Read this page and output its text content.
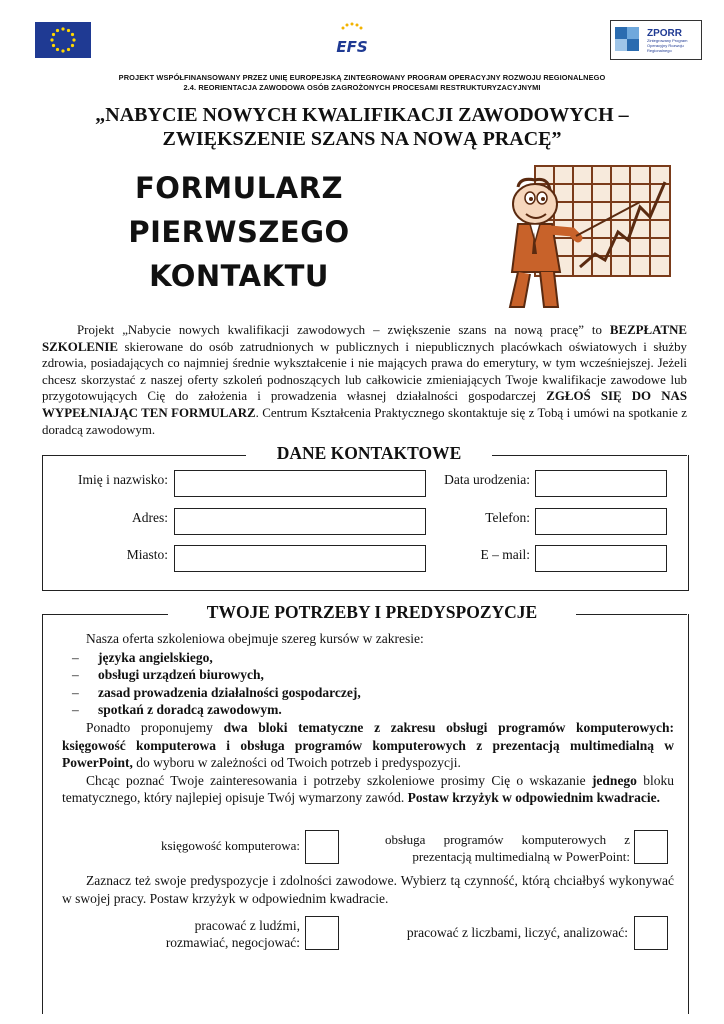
EFS
ZPORR
Zintegrowany Program Operacyjny Rozwoju Regionalnego
PROJEKT WSPÓŁFINANSOWANY PRZEZ UNIĘ EUROPEJSKĄ ZINTEGROWANY PROGRAM OPERACYJNY ROZWOJU REGIONALNEGO
2.4. REORIENTACJA ZAWODOWA OSÓB ZAGROŻONYCH PROCESAMI RESTRUKTURYZACYJNYMI
„NABYCIE NOWYCH KWALIFIKACJI ZAWODOWYCH –
ZWIĘKSZENIE SZANS NA NOWĄ PRACĘ”
FORMULARZ
PIERWSZEGO
KONTAKTU
Projekt „Nabycie nowych kwalifikacji zawodowych – zwiększenie szans na nową pracę” to BEZPŁATNE SZKOLENIE skierowane do osób zatrudnionych w publicznych i niepublicznych placówkach oświatowych i służby zdrowia, posiadających co najmniej średnie wykształcenie i nie mających prawa do emerytury, w tym wcześniejszej. Jeżeli chcesz skorzystać z naszej oferty szkoleń podnoszących lub całkowicie zmieniających Twoje kwalifikacje zawodowe lub przygotowujących Cię do założenia i prowadzenia własnej działalności gospodarczej ZGŁOŚ SIĘ DO NAS WYPEŁNIAJĄC TEN FORMULARZ. Centrum Kształcenia Praktycznego skontaktuje się z Tobą i umówi na spotkanie z doradcą zawodowym.
DANE KONTAKTOWE
Imię i nazwisko:	Data urodzenia:
Adres:	Telefon:
Miasto:	E – mail:
TWOJE POTRZEBY I PREDYSPOZYCJE

Nasza oferta szkoleniowa obejmuje szereg kursów w zakresie:

– języka angielskiego,
– obsługi urządzeń biurowych,
– zasad prowadzenia działalności gospodarczej,
– spotkań z doradcą zawodowym.

Ponadto proponujemy dwa bloki tematyczne z zakresu obsługi programów komputerowych: księgowość komputerowa i obsługa programów komputerowych z prezentacją multimedialną w PowerPoint, do wyboru w zależności od Twoich potrzeb i predyspozycji.

Chcąc poznać Twoje zainteresowania i potrzeby szkoleniowe prosimy Cię o wskazanie jednego bloku tematycznego, który najlepiej opisuje Twój wymarzony zawód. Postaw krzyżyk w odpowiednim kwadracie.

księgowość komputerowa:	obsługa programów komputerowych z
prezentacją multimedialną w PowerPoint:

Zaznacz też swoje predyspozycje i zdolności zawodowe. Wybierz tą czynność, którą chciałbyś wykonywać w swojej pracy. Postaw krzyżyk w odpowiednim kwadracie.

pracować z ludźmi,
rozmawiać, negocjować:
pracować z liczbami, liczyć, analizować:
